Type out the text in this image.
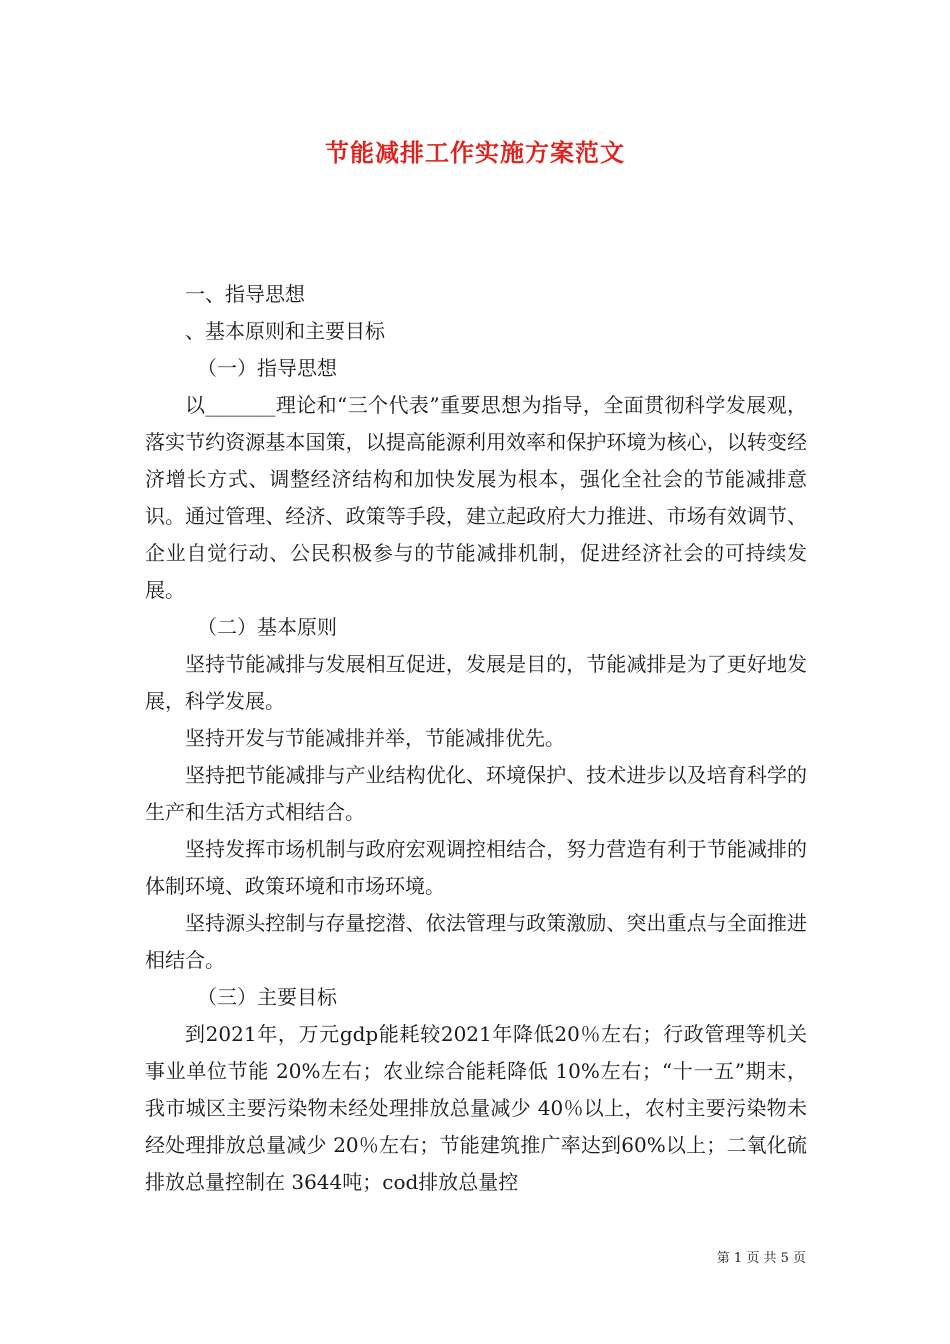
节能减排工作实施方案范文

一、指导思想

、基本原则和主要目标

（一）指导思想

以_______理论和“三个代表”重要思想为指导，全面贯彻科学发展观，落实节约资源基本国策，以提高能源利用效率和保护环境为核心，以转变经济增长方式、调整经济结构和加快发展为根本，强化全社会的节能减排意识。通过管理、经济、政策等手段，建立起政府大力推进、市场有效调节、企业自觉行动、公民积极参与的节能减排机制，促进经济社会的可持续发展。

（二）基本原则

坚持节能减排与发展相互促进，发展是目的，节能减排是为了更好地发展，科学发展。

坚持开发与节能减排并举，节能减排优先。

坚持把节能减排与产业结构优化、环境保护、技术进步以及培育科学的生产和生活方式相结合。

坚持发挥市场机制与政府宏观调控相结合，努力营造有利于节能减排的体制环境、政策环境和市场环境。

坚持源头控制与存量挖潜、依法管理与政策激励、突出重点与全面推进相结合。

（三）主要目标

到2021年，万元gdp能耗较2021年降低20％左右；行政管理等机关事业单位节能 20%左右；农业综合能耗降低 10%左右；“十一五”期末，我市城区主要污染物未经处理排放总量减少 40％以上，农村主要污染物未经处理排放总量减少 20％左右；节能建筑推广率达到60%以上；二氧化硫排放总量控制在 3644吨；cod排放总量控

第 1 页 共 5 页
